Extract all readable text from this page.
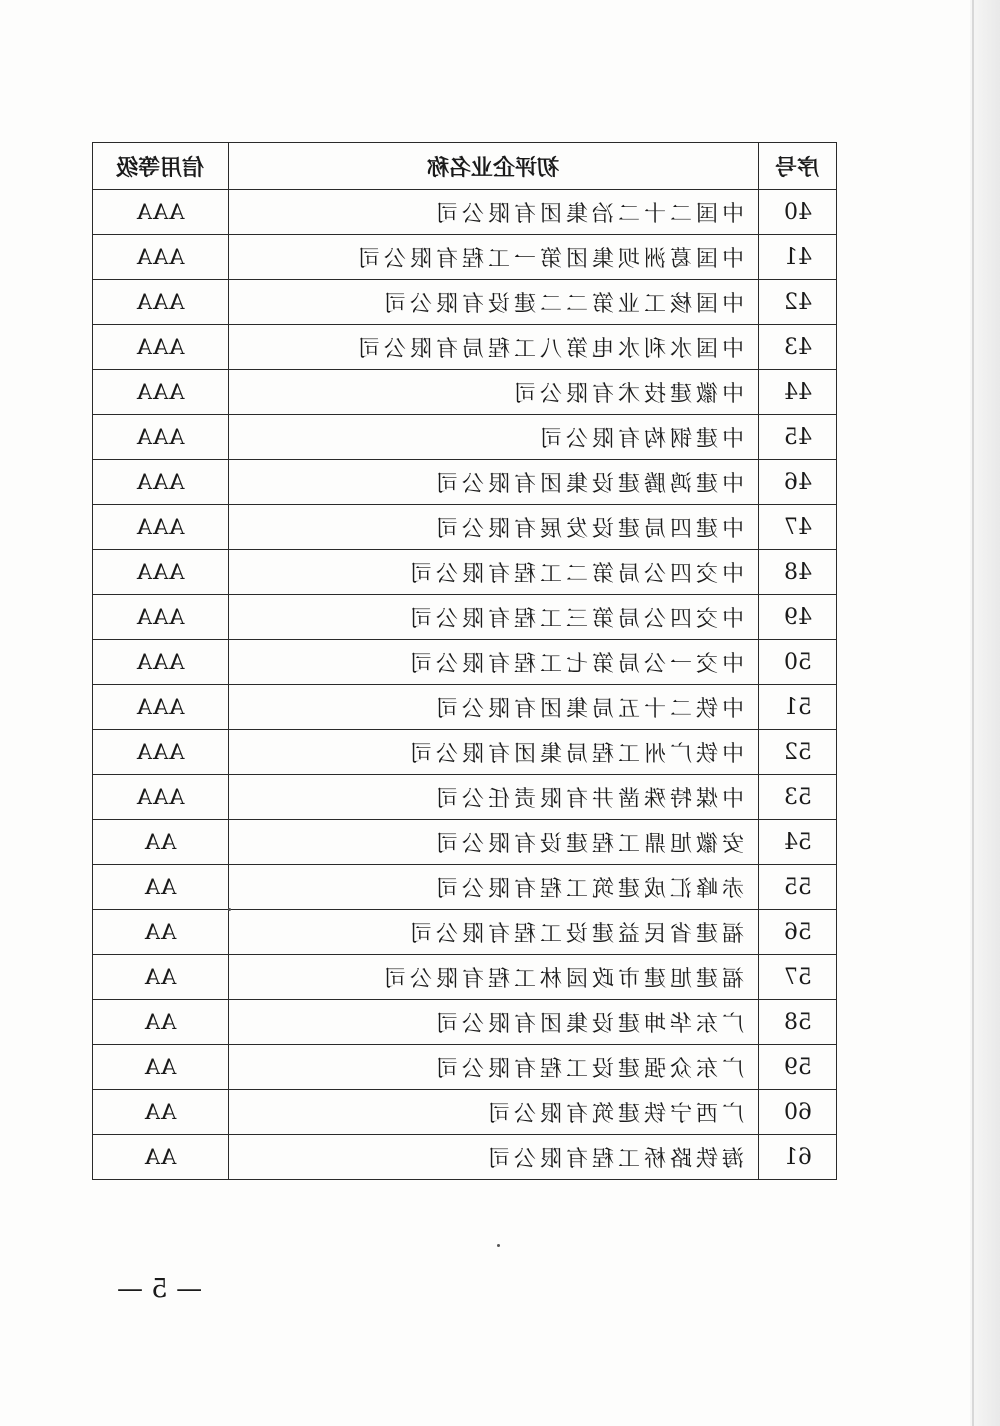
信用等级	初评企业名称	序号
AAA	中国二十二冶集团有限公司	40
AAA	中国葛洲坝集团第一工程有限公司	41
AAA	中国核工业第二二建设有限公司	42
AAA	中国水利水电第八工程局有限公司	43
AAA	中徽建技术有限公司	44
AAA	中建钢构有限公司	45
AAA	中建鸿腾建设集团有限公司	46
AAA	中建四局建设发展有限公司	47
AAA	中交四公局第二工程有限公司	48
AAA	中交四公局第三工程有限公司	49
AAA	中交一公局第七工程有限公司	50
AAA	中铁二十五局集团有限公司	51
AAA	中铁广州工程局集团有限公司	52
AAA	中煤特殊凿井有限责任公司	53
AA	安徽旭鼎工程建设有限公司	54
AA	赤峰汇成建筑工程有限公司	55
AA	福建省民益建设工程有限公司	56
AA	福建旭建市政园林工程有限公司	57
AA	广东华坤建设集团有限公司	58
AA	广东众强建设工程有限公司	59
AA	广西宁铁建筑有限公司	60
AA	海铁路桥工程有限公司	61
— 5 —
